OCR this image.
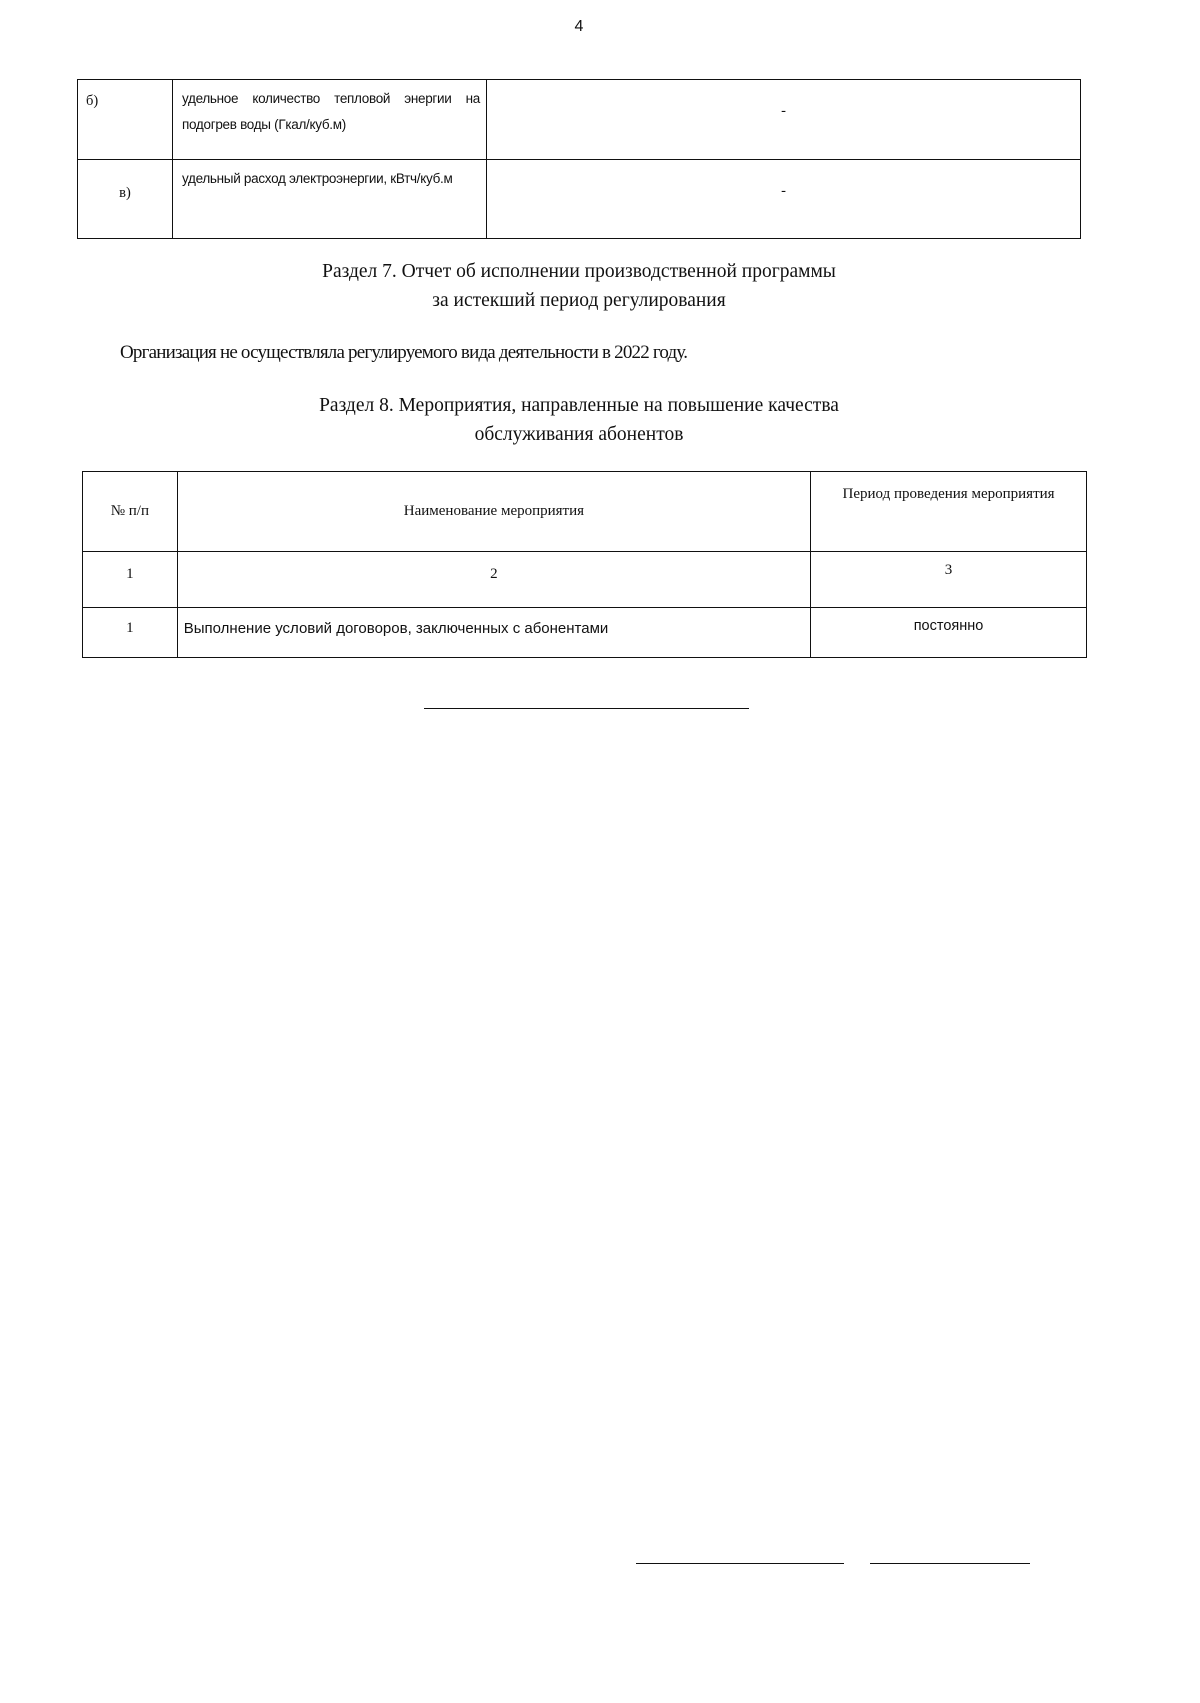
4
б)	удельное количество тепловой энергии на подогрев воды (Гкал/куб.м)	-
в)	удельный расход электроэнергии, кВтч/куб.м	-
Раздел 7. Отчет об исполнении производственной программы
за истекший период регулирования
Организация не осуществляла регулируемого вида деятельности в 2022 году.
Раздел 8. Мероприятия, направленные на повышение качества
обслуживания абонентов
№ п/п	Наименование мероприятия	Период проведения мероприятия
1	2	3
1	Выполнение условий договоров, заключенных с абонентами	постоянно
